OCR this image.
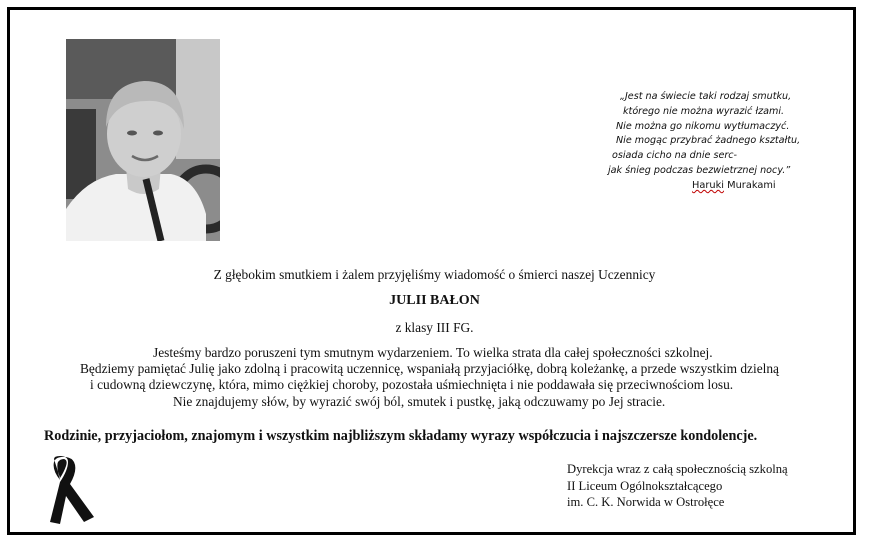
„Jest na świecie taki rodzaj smutku,
którego nie można wyrazić łzami.
Nie można go nikomu wytłumaczyć.
Nie mogąc przybrać żadnego kształtu,
osiada cicho na dnie serc-
jak śnieg podczas bezwietrznej nocy.”
Haruki Murakami
Z głębokim smutkiem i żalem przyjęliśmy wiadomość o śmierci naszej Uczennicy
JULII BAŁON
z klasy III FG.
Jesteśmy bardzo poruszeni tym smutnym wydarzeniem. To wielka strata dla całej społeczności szkolnej.
Będziemy pamiętać Julię jako zdolną i pracowitą uczennicę, wspaniałą przyjaciółkę, dobrą koleżankę, a przede wszystkim dzielną
i cudowną dziewczynę, która, mimo ciężkiej choroby, pozostała uśmiechnięta i nie poddawała się przeciwnościom losu.
Nie znajdujemy słów, by wyrazić swój ból, smutek i pustkę, jaką odczuwamy po Jej stracie.
Rodzinie, przyjaciołom, znajomym i wszystkim najbliższym składamy wyrazy współczucia i najszczersze kondolencje.
Dyrekcja wraz z całą społecznością szkolną
II Liceum Ogólnokształcącego
im. C. K. Norwida w Ostrołęce
